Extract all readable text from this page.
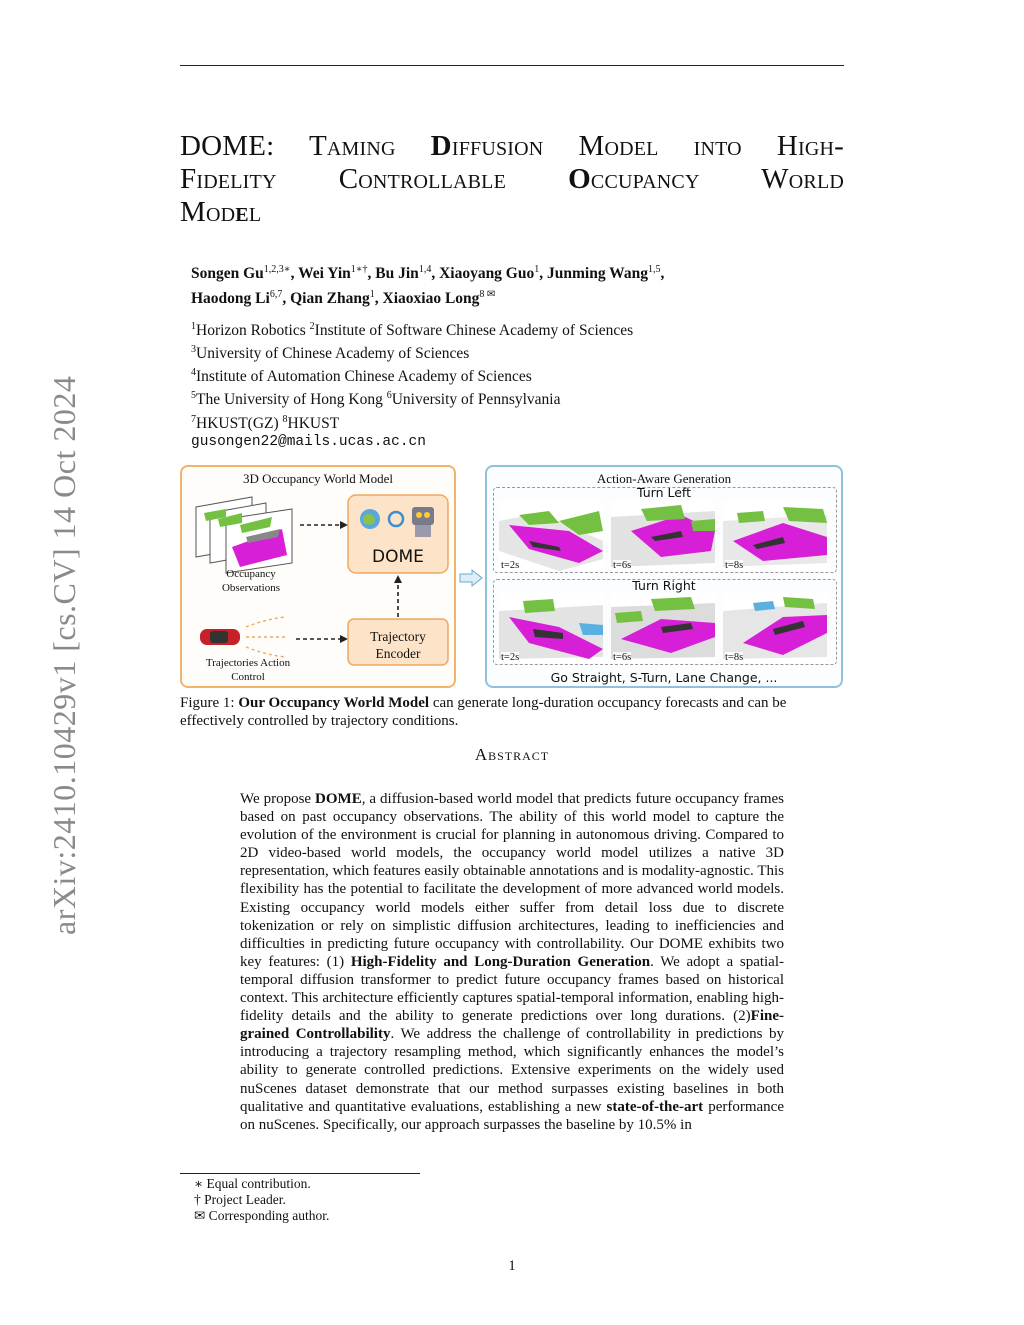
arXiv:2410.10429v1 [cs.CV] 14 Oct 2024
DOME: Taming Diffusion Model into High-
Fidelity Controllable Occupancy World
Model
Songen $Gu^{1,2,3∗}$, Wei Yin$^{1∗\dagger}$, Bu Jin$^{1,4}$, Xiaoyang Guo$^1$, Junming Wang$^{1,5}$,
Haodong Li$^{6,7}$, Qian Zhang$^1$, Xiaoxiao Long$^{8 ✉}$
$^1$Horizon Robotics $^2$Institute of Software Chinese Academy of Sciences
$^3$University of Chinese Academy of Sciences
$^4$Institute of Automation Chinese Academy of Sciences
$^5$The University of Hong Kong $^6$University of Pennsylvania
$^7$HKUST(GZ) $^8$HKUST
gusongen22@mails.ucas.ac.cn
3D Occupancy World Model
DOME
Occupancy
Observations
Trajectory
Encoder
Trajectories Action
Control
Action-Aware Generation
Turn Left
Turn Right
t=2s	t=6s	t=8s
t=2s	t=6s	t=8s
Go Straight, S-Turn, Lane Change, ...
Figure 1: Our Occupancy World Model can generate long-duration occupancy forecasts and can be effectively controlled by trajectory conditions.
Abstract
We propose DOME, a diffusion-based world model that predicts future occupancy frames based on past occupancy observations. The ability of this world model to capture the evolution of the environment is crucial for planning in autonomous driving. Compared to 2D video-based world models, the occupancy world model utilizes a native 3D representation, which features easily obtainable annotations and is modality-agnostic. This flexibility has the potential to facilitate the development of more advanced world models. Existing occupancy world models either suffer from detail loss due to discrete tokenization or rely on simplistic diffusion architectures, leading to inefficiencies and difficulties in predicting future occupancy with controllability. Our DOME exhibits two key features: (1) High-Fidelity and Long-Duration Generation. We adopt a spatial-temporal diffusion transformer to predict future occupancy frames based on historical context. This architecture efficiently captures spatial-temporal information, enabling high-fidelity details and the ability to generate predictions over long durations. (2)Fine-grained Controllability. We address the challenge of controllability in predictions by introducing a trajectory resampling method, which significantly enhances the model’s ability to generate controlled predictions. Extensive experiments on the widely used nuScenes dataset demonstrate that our method surpasses existing baselines in both qualitative and quantitative evaluations, establishing a new state-of-the-art performance on nuScenes. Specifically, our approach surpasses the baseline by 10.5% in
∗ Equal contribution.
† Project Leader.
✉ Corresponding author.
1
